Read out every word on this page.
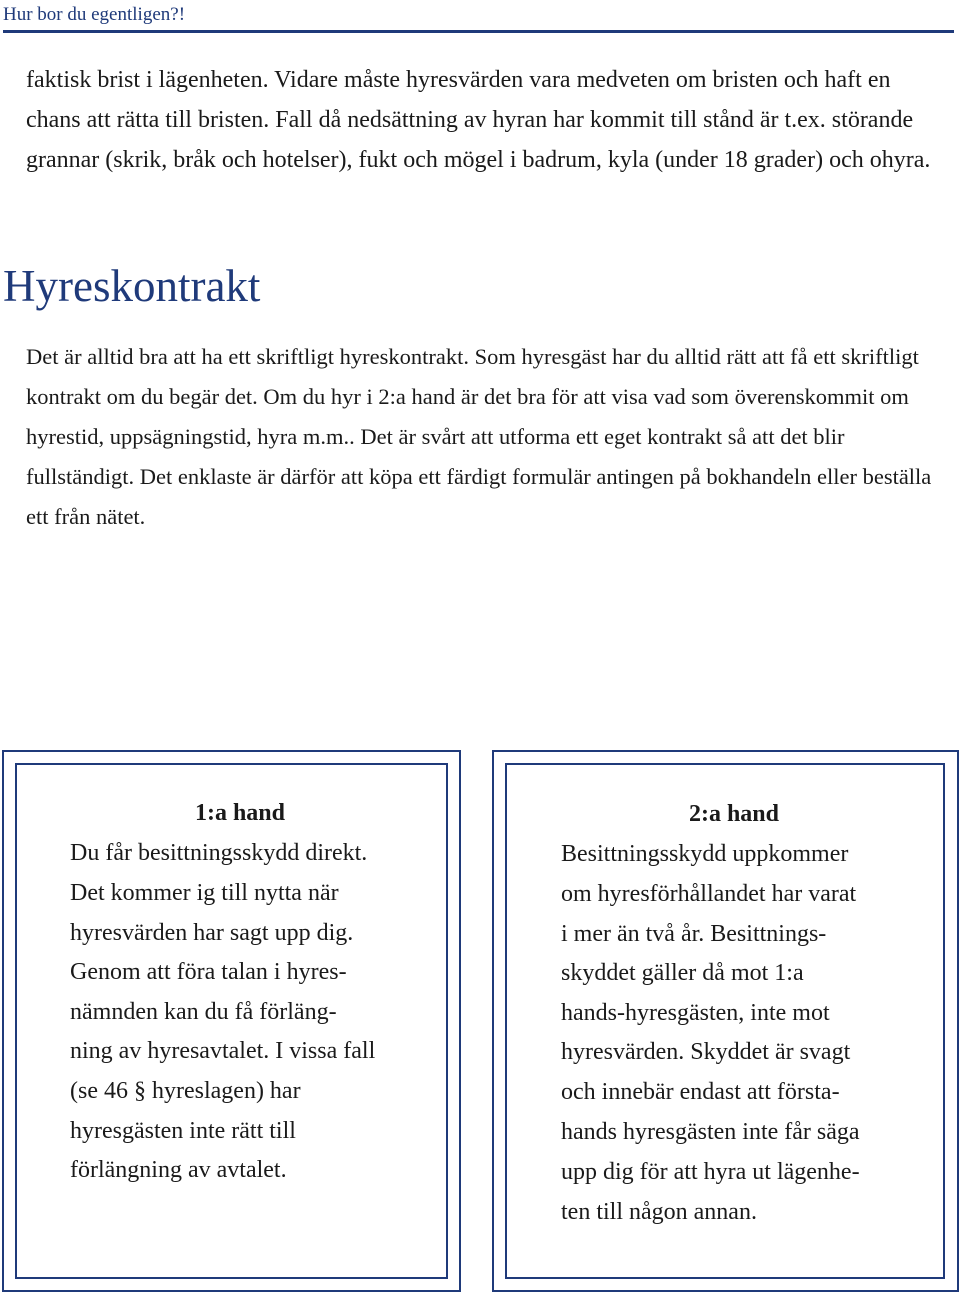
Hur bor du egentligen?!

faktisk brist i lägenheten. Vidare måste hyresvärden vara medveten om bristen och haft en chans att rätta till bristen. Fall då nedsättning av hyran har kommit till stånd är t.ex. störande grannar (skrik, bråk och hotelser), fukt och mögel i badrum, kyla (under 18 grader) och ohyra.

Hyreskontrakt

Det är alltid bra att ha ett skriftligt hyreskontrakt. Som hyresgäst har du alltid rätt att få ett skriftligt kontrakt om du begär det. Om du hyr i 2:a hand är det bra för att visa vad som överenskommit om hyrestid, uppsägningstid, hyra m.m.. Det är svårt att utforma ett eget kontrakt så att det blir fullständigt. Det enklaste är därför att köpa ett färdigt formulär antingen på bokhandeln eller beställa ett från nätet.

1:a hand
Du får besittningsskydd direkt.
Det kommer ig till nytta när
hyresvärden har sagt upp dig.
Genom att föra talan i hyres-
nämnden kan du få förläng-
ning av hyresavtalet. I vissa fall
(se 46 § hyreslagen) har
hyresgästen inte rätt till
förlängning av avtalet.
2:a hand
Besittningsskydd uppkommer
om hyresförhållandet har varat
i mer än två år. Besittnings-
skyddet gäller då mot 1:a
hands-hyresgästen, inte mot
hyresvärden. Skyddet är svagt
och innebär endast att första-
hands hyresgästen inte får säga
upp dig för att hyra ut lägenhe-
ten till någon annan.
